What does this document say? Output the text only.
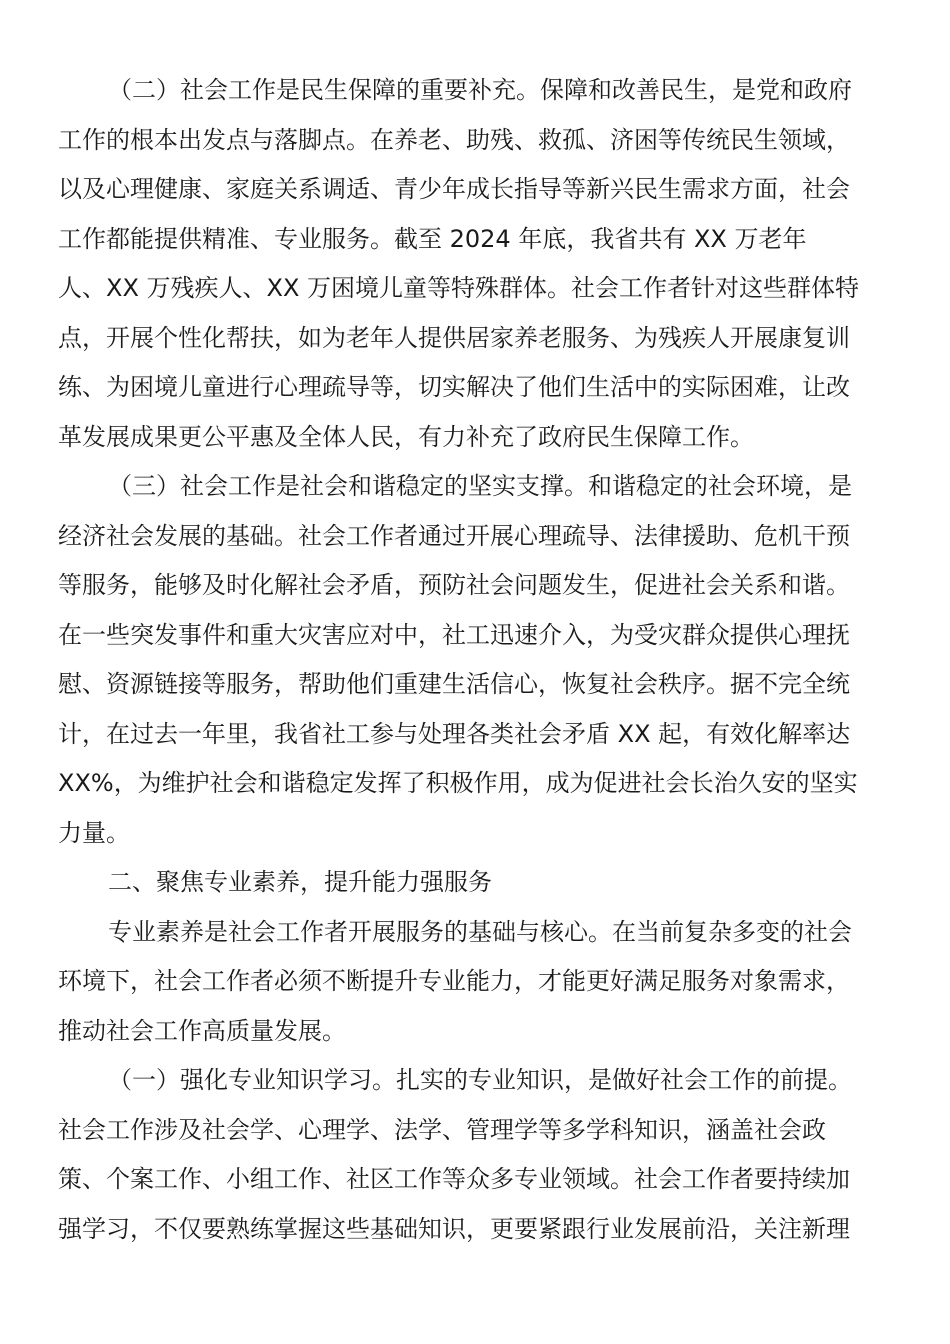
（二）社会工作是民生保障的重要补充。保障和改善民生，是党和政府
工作的根本出发点与落脚点。在养老、助残、救孤、济困等传统民生领域，
以及心理健康、家庭关系调适、青少年成长指导等新兴民生需求方面，社会
工作都能提供精准、专业服务。截至 2024 年底，我省共有 XX 万老年
人、XX 万残疾人、XX 万困境儿童等特殊群体。社会工作者针对这些群体特
点，开展个性化帮扶，如为老年人提供居家养老服务、为残疾人开展康复训
练、为困境儿童进行心理疏导等，切实解决了他们生活中的实际困难，让改
革发展成果更公平惠及全体人民，有力补充了政府民生保障工作。
（三）社会工作是社会和谐稳定的坚实支撑。和谐稳定的社会环境，是
经济社会发展的基础。社会工作者通过开展心理疏导、法律援助、危机干预
等服务，能够及时化解社会矛盾，预防社会问题发生，促进社会关系和谐。
在一些突发事件和重大灾害应对中，社工迅速介入，为受灾群众提供心理抚
慰、资源链接等服务，帮助他们重建生活信心，恢复社会秩序。据不完全统
计，在过去一年里，我省社工参与处理各类社会矛盾 XX 起，有效化解率达
XX%，为维护社会和谐稳定发挥了积极作用，成为促进社会长治久安的坚实
力量。
二、聚焦专业素养，提升能力强服务
专业素养是社会工作者开展服务的基础与核心。在当前复杂多变的社会
环境下，社会工作者必须不断提升专业能力，才能更好满足服务对象需求，
推动社会工作高质量发展。
（一）强化专业知识学习。扎实的专业知识，是做好社会工作的前提。
社会工作涉及社会学、心理学、法学、管理学等多学科知识，涵盖社会政
策、个案工作、小组工作、社区工作等众多专业领域。社会工作者要持续加
强学习，不仅要熟练掌握这些基础知识，更要紧跟行业发展前沿，关注新理
